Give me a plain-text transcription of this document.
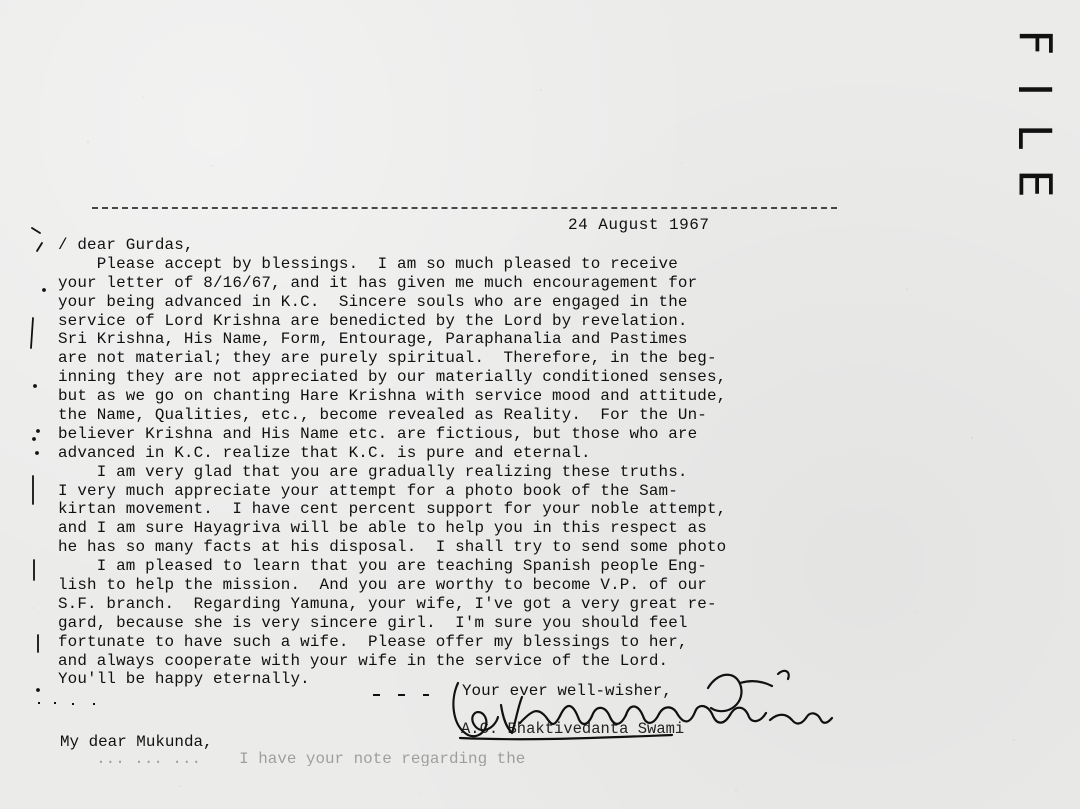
F
I
L
E
24 August 1967
/ dear Gurdas,
Please accept by blessings.  I am so much pleased to receive
your letter of 8/16/67, and it has given me much encouragement for
your being advanced in K.C.  Sincere souls who are engaged in the
service of Lord Krishna are benedicted by the Lord by revelation.
Sri Krishna, His Name, Form, Entourage, Paraphanalia and Pastimes
are not material; they are purely spiritual.  Therefore, in the beg-
inning they are not appreciated by our materially conditioned senses,
but as we go on chanting Hare Krishna with service mood and attitude,
the Name, Qualities, etc., become revealed as Reality.  For the Un-
believer Krishna and His Name etc. are fictious, but those who are
advanced in K.C. realize that K.C. is pure and eternal.
I am very glad that you are gradually realizing these truths.
I very much appreciate your attempt for a photo book of the Sam-
kirtan movement.  I have cent percent support for your noble attempt,
and I am sure Hayagriva will be able to help you in this respect as
he has so many facts at his disposal.  I shall try to send some photo
I am pleased to learn that you are teaching Spanish people Eng-
lish to help the mission.  And you are worthy to become V.P. of our
S.F. branch.  Regarding Yamuna, your wife, I've got a very great re-
gard, because she is very sincere girl.  I'm sure you should feel
fortunate to have such a wife.  Please offer my blessings to her,
and always cooperate with your wife in the service of the Lord.
You'll be happy eternally.
Your ever well-wisher,
A.C. Bhaktivedanta Swami
My dear Mukunda,
... ... ...    I have your note regarding the
